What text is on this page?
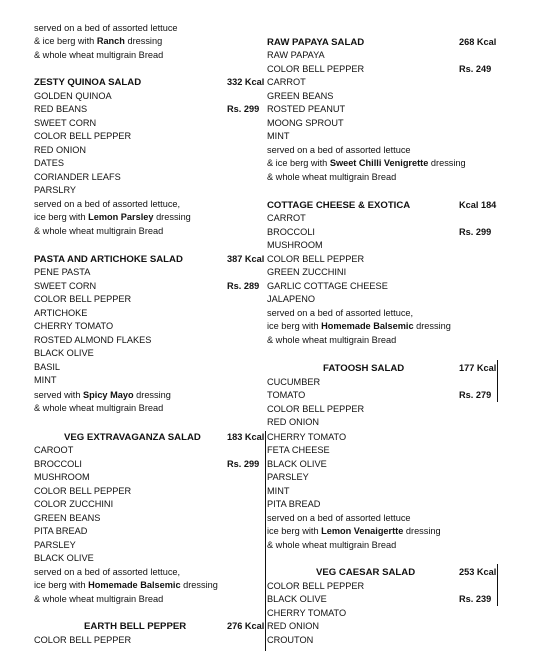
served on a bed of assorted lettuce
& ice berg with Ranch dressing
& whole wheat multigrain Bread
ZESTY QUINOA SALAD	332 Kcal
Rs. 299
GOLDEN QUINOA
RED BEANS
SWEET CORN
COLOR BELL PEPPER
RED ONION
DATES
CORIANDER LEAFS
PARSLRY
served on a bed of assorted lettuce,
ice berg with Lemon Parsley dressing
& whole wheat multigrain Bread
PASTA AND ARTICHOKE SALAD	387 Kcal
Rs. 289
PENE PASTA
SWEET CORN
COLOR BELL PEPPER
ARTICHOKE
CHERRY TOMATO
ROSTED ALMOND FLAKES
BLACK OLIVE
BASIL
MINT
served with Spicy Mayo dressing
& whole wheat multigrain Bread
VEG EXTRAVAGANZA SALAD	183 Kcal
Rs. 299
CAROOT
BROCCOLI
MUSHROOM
COLOR BELL PEPPER
COLOR ZUCCHINI
GREEN BEANS
PITA BREAD
PARSLEY
BLACK OLIVE
served on a bed of assorted lettuce,
ice berg with Homemade Balsemic dressing
& whole wheat multigrain Bread
EARTH BELL PEPPER	276 Kcal
COLOR BELL PEPPER
RAW PAPAYA SALAD	268 Kcal
Rs. 249
RAW PAPAYA
COLOR BELL PEPPER
CARROT
GREEN BEANS
ROSTED PEANUT
MOONG SPROUT
MINT
served on a bed of assorted lettuce
& ice berg with Sweet Chilli Venigrette dressing
& whole wheat multigrain Bread
COTTAGE CHEESE & EXOTICA	Kcal 184
Rs. 299
CARROT
BROCCOLI
MUSHROOM
COLOR BELL PEPPER
GREEN ZUCCHINI
GARLIC COTTAGE CHEESE
JALAPENO
served on a bed of assorted lettuce,
ice berg with Homemade Balsemic dressing
& whole wheat multigrain Bread
FATOOSH SALAD	177 Kcal
Rs. 279
CUCUMBER
TOMATO
COLOR BELL PEPPER
RED ONION
CHERRY TOMATO
FETA CHEESE
BLACK OLIVE
PARSLEY
MINT
PITA BREAD
served on a bed of assorted lettuce
ice berg with Lemon Venaigertte dressing
& whole wheat multigrain Bread
VEG CAESAR SALAD	253 Kcal
Rs. 239
COLOR BELL PEPPER
BLACK OLIVE
CHERRY TOMATO
RED ONION
CROUTON
